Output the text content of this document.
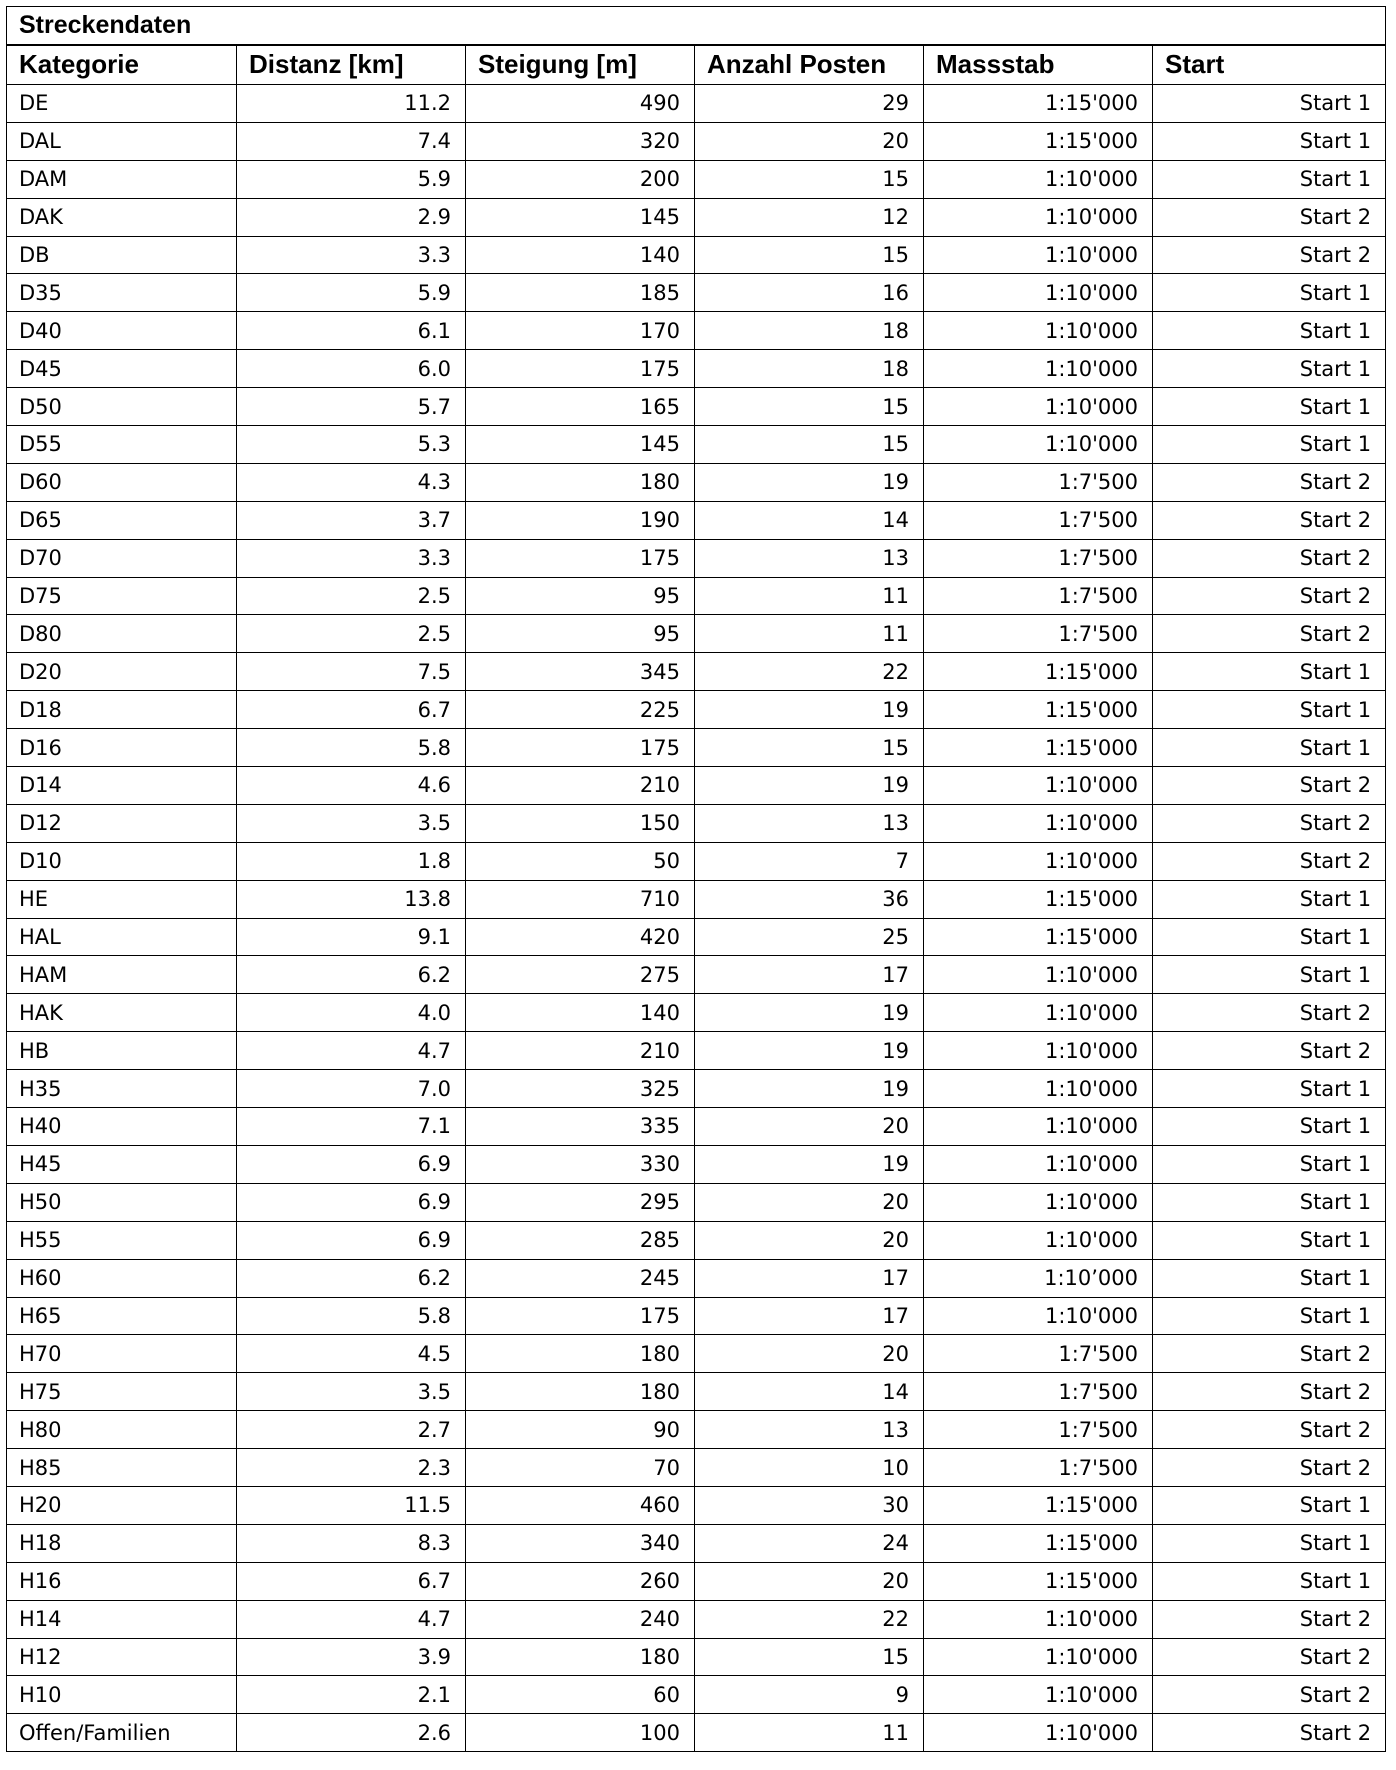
Streckendaten					
Kategorie	Distanz [km]	Steigung [m]	Anzahl Posten	Massstab	Start
DE	11.2	490	29	1:15'000	Start 1
DAL	7.4	320	20	1:15'000	Start 1
DAM	5.9	200	15	1:10'000	Start 1
DAK	2.9	145	12	1:10'000	Start 2
DB	3.3	140	15	1:10'000	Start 2
D35	5.9	185	16	1:10'000	Start 1
D40	6.1	170	18	1:10'000	Start 1
D45	6.0	175	18	1:10'000	Start 1
D50	5.7	165	15	1:10'000	Start 1
D55	5.3	145	15	1:10'000	Start 1
D60	4.3	180	19	1:7'500	Start 2
D65	3.7	190	14	1:7'500	Start 2
D70	3.3	175	13	1:7'500	Start 2
D75	2.5	95	11	1:7'500	Start 2
D80	2.5	95	11	1:7'500	Start 2
D20	7.5	345	22	1:15'000	Start 1
D18	6.7	225	19	1:15'000	Start 1
D16	5.8	175	15	1:15'000	Start 1
D14	4.6	210	19	1:10'000	Start 2
D12	3.5	150	13	1:10'000	Start 2
D10	1.8	50	7	1:10'000	Start 2
HE	13.8	710	36	1:15'000	Start 1
HAL	9.1	420	25	1:15'000	Start 1
HAM	6.2	275	17	1:10'000	Start 1
HAK	4.0	140	19	1:10'000	Start 2
HB	4.7	210	19	1:10'000	Start 2
H35	7.0	325	19	1:10'000	Start 1
H40	7.1	335	20	1:10'000	Start 1
H45	6.9	330	19	1:10'000	Start 1
H50	6.9	295	20	1:10'000	Start 1
H55	6.9	285	20	1:10'000	Start 1
H60	6.2	245	17	1:10’000	Start 1
H65	5.8	175	17	1:10'000	Start 1
H70	4.5	180	20	1:7'500	Start 2
H75	3.5	180	14	1:7'500	Start 2
H80	2.7	90	13	1:7'500	Start 2
H85	2.3	70	10	1:7'500	Start 2
H20	11.5	460	30	1:15'000	Start 1
H18	8.3	340	24	1:15'000	Start 1
H16	6.7	260	20	1:15'000	Start 1
H14	4.7	240	22	1:10'000	Start 2
H12	3.9	180	15	1:10'000	Start 2
H10	2.1	60	9	1:10'000	Start 2
Offen/Familien	2.6	100	11	1:10'000	Start 2
